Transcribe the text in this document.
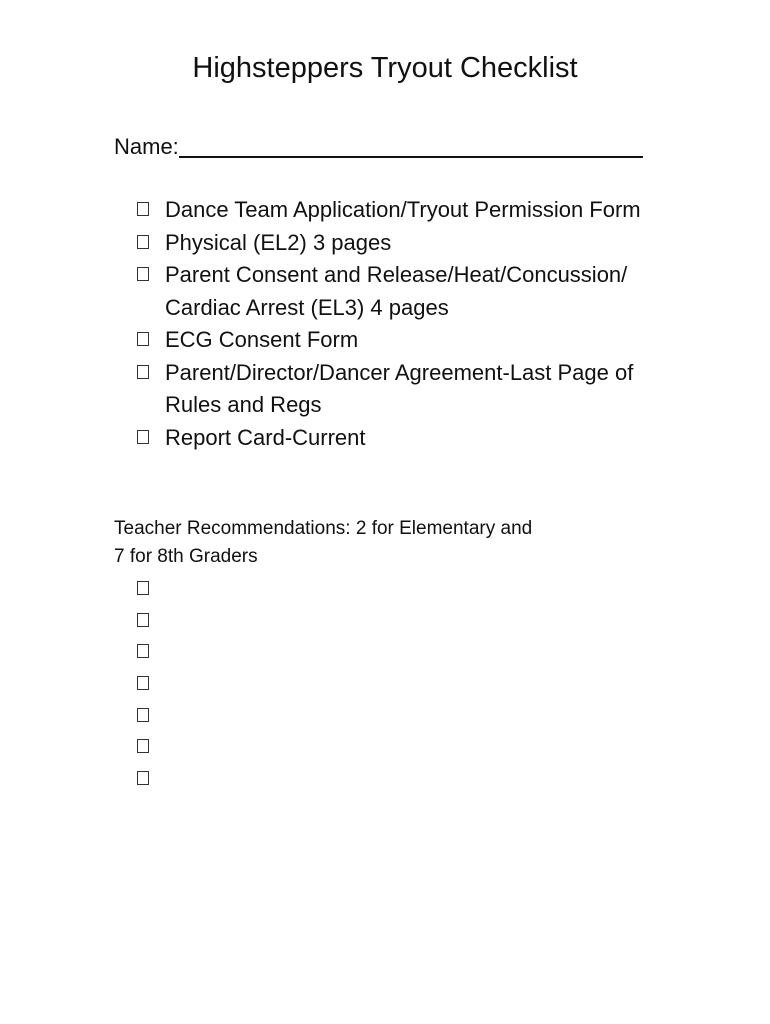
Highsteppers Tryout Checklist
Name:
Dance Team Application/Tryout Permission Form
Physical (EL2) 3 pages
Parent Consent and Release/Heat/Concussion/ Cardiac Arrest (EL3) 4 pages
ECG Consent Form
Parent/Director/Dancer Agreement-Last Page of Rules and Regs
Report Card-Current
Teacher Recommendations: 2 for Elementary and
7 for 8th Graders
